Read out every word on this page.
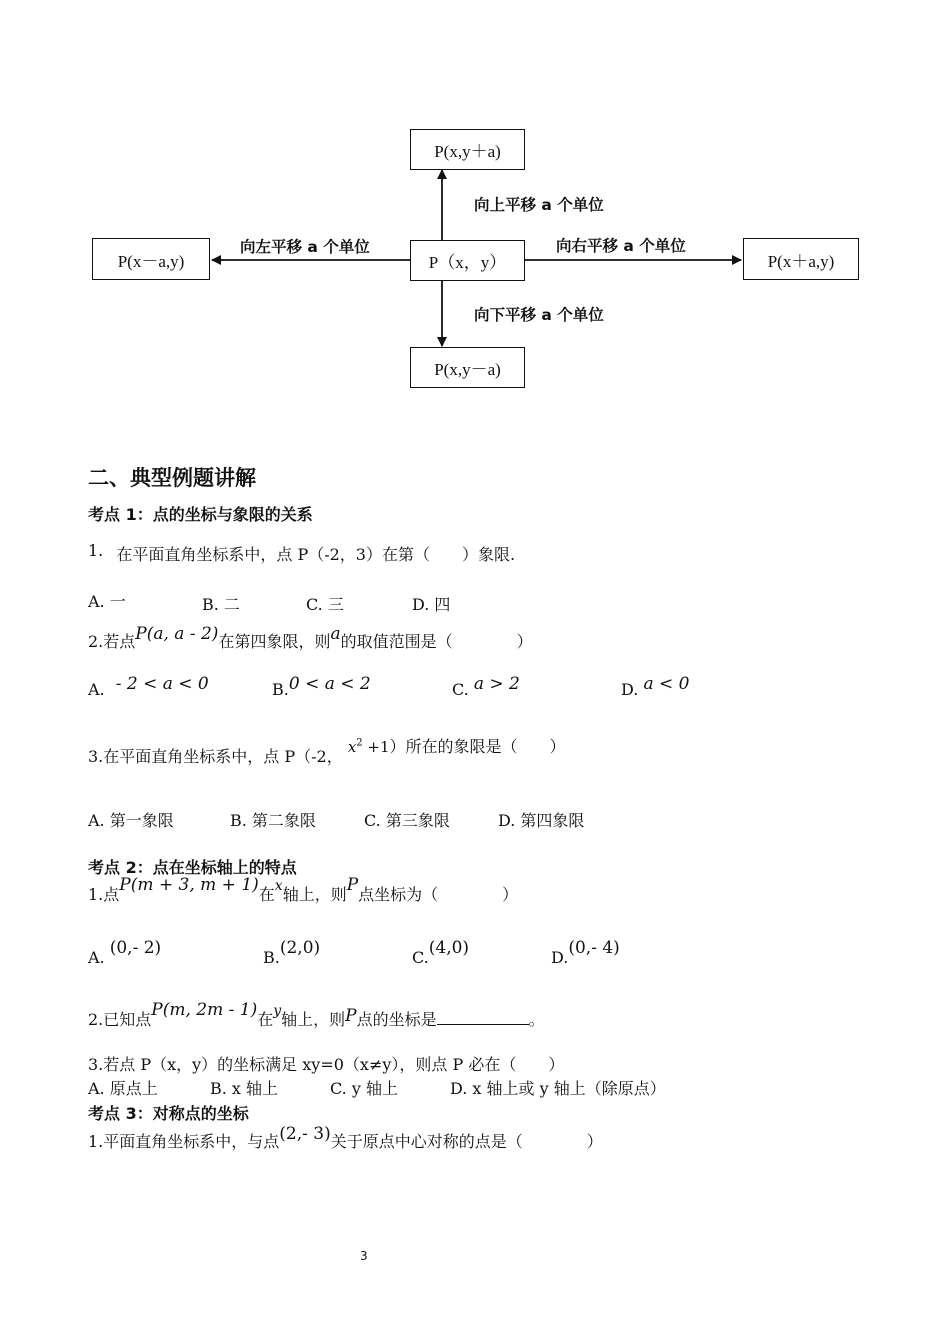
P(x,y＋a)
P（x，y）
P(x,y－a)
P(x－a,y)	P(x＋a,y)
向上平移 a 个单位
向下平移 a 个单位
向左平移 a 个单位	向右平移 a 个单位
二、典型例题讲解
考点 1：点的坐标与象限的关系
1. 在平面直角坐标系中，点 P（-2，3）在第（　　）象限.
A. 一	B. 二	C. 三	D. 四
2.若点P(a, a - 2)在第四象限，则a的取值范围是（　　　　）
A. - 2 < a < 0	B.0 < a < 2	C. a > 2	D. a < 0
3.在平面直角坐标系中，点 P（-2， $x^2 +1$）所在的象限是（　　）
A. 第一象限	B. 第二象限	C. 第三象限	D. 第四象限
考点 2：点在坐标轴上的特点
1.点P(m + 3, m + 1)在x轴上，则P点坐标为（　　　　）
A. (0,- 2)	B.(2,0)	C.(4,0)	D.(0,- 4)
2.已知点P(m, 2m - 1)在y轴上，则P点的坐标是	。
3.若点 P（x，y）的坐标满足 xy=0（x≠y），则点 P 必在（　　）
A. 原点上	B. x 轴上	C. y 轴上	D. x 轴上或 y 轴上（除原点）
考点 3：对称点的坐标
1.平面直角坐标系中，与点(2,- 3)关于原点中心对称的点是（　　　　）
3
